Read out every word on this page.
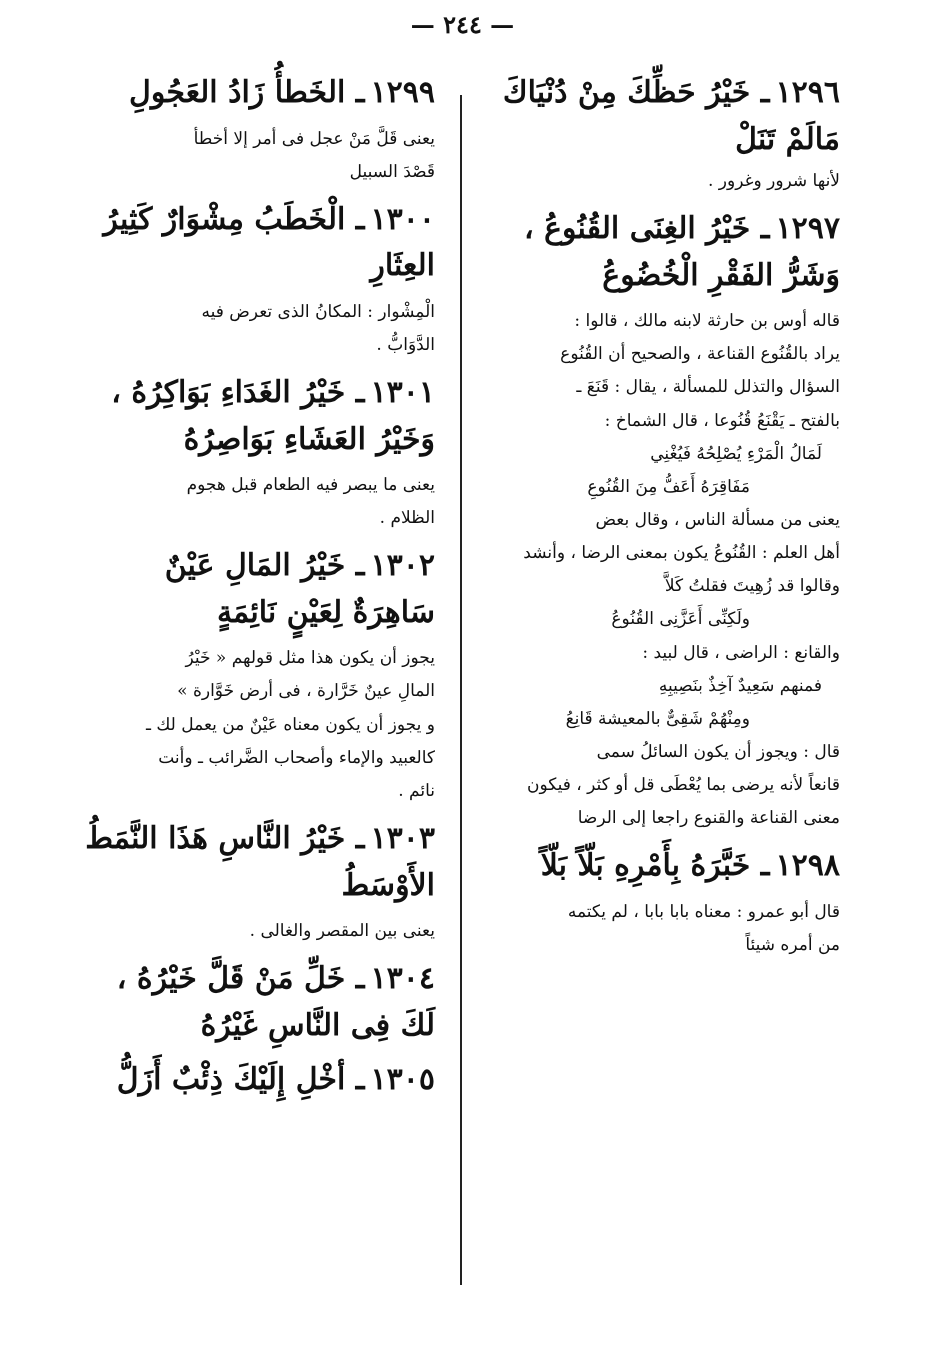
— ٢٤٤ —

١٢٩٦ـ خَيْرُ حَظِّكَ مِنْ دُنْيَاكَ مَالَمْ تَنَلْ

لأنها شرور وغرور .

١٢٩٧ـ خَيْرُ الغِنَى القُنُوعُ ، وَشَرُّ الفَقْرِ الْخُضُوعُ

قاله أوس بن حارثة لابنه مالك ، قالوا :

يراد بالقُنُوع القناعة ، والصحيح أن القُنُوع

السؤال والتذلل للمسألة ، يقال : قَنَعَ ـ

بالفتح ـ يَقْنَعُ قُنُوعا ، قال الشماخ :

لَمَالُ الْمَرْءِ يُصْلِحُهُ فَيُغْنِي

مَفَاقِرَهُ أَعَفُّ مِنَ القُنُوعِ

يعنى من مسألة الناس ، وقال بعض

أهل العلم : القُنُوعُ يكون بمعنى الرضا ، وأنشد

وقالوا قد زُهِيتَ فقلتُ كَلاَّ

ولَكِنِّى أَعَزَّنِى القُنُوعُ

والقانع : الراضى ، قال لبيد :

فمنهم سَعِيدٌ آخِذٌ بنَصِيبِهِ

ومِنْهُمْ شَقِىٌّ بالمعيشة قَانِعُ

قال : ويجوز أن يكون السائلُ سمى

قانعاً لأنه يرضى بما يُعْطَى قل أو كثر ، فيكون

معنى القناعة والقنوع راجعا إلى الرضا

١٢٩٨ـ خَبَّرَهُ بِأَمْرِهِ بَلّاً بَلّاً

قال أبو عمرو : معناه بابا بابا ، لم يكتمه

من أمره شيئاً

١٢٩٩ـ الخَطأُ زَادُ العَجُولِ

يعنى قَلَّ مَنْ عجل فى أمر إلا أخطأ

قَصْدَ السبيل

١٣٠٠ـ الْخَطَبُ مِشْوَارٌ كَثِيرُ العِثَارِ

الْمِشْوار : المكانُ الذى تعرض فيه

الدَّوَابُّ .

١٣٠١ـ خَيْرُ الغَدَاءِ بَوَاكِرُهُ ، وَخَيْرُ العَشَاءِ بَوَاصِرُهُ

يعنى ما يبصر فيه الطعام قبل هجوم

الظلام .

١٣٠٢ـ خَيْرُ المَالِ عَيْنٌ سَاهِرَةٌ لِعَيْنٍ نَائِمَةٍ

يجوز أن يكون هذا مثل قولهم « خَيْرُ

المالِ عينٌ خَرَّارة ، فى أرض خَوَّارة »

و يجوز أن يكون معناه عَيْنٌ من يعمل لك ـ

كالعبيد والإماء وأصحاب الضَّرائب ـ وأنت

نائم .

١٣٠٣ـ خَيْرُ النَّاسِ هَذَا النَّمَطُ الأَوْسَطُ

يعنى بين المقصر والغالى .

١٣٠٤ـ خَلِّ مَنْ قَلَّ خَيْرُهُ ، لَكَ فِى النَّاسِ غَيْرُهُ

١٣٠٥ـ أخْلِ إِلَيْكَ ذِئْبٌ أَزَلُّ
